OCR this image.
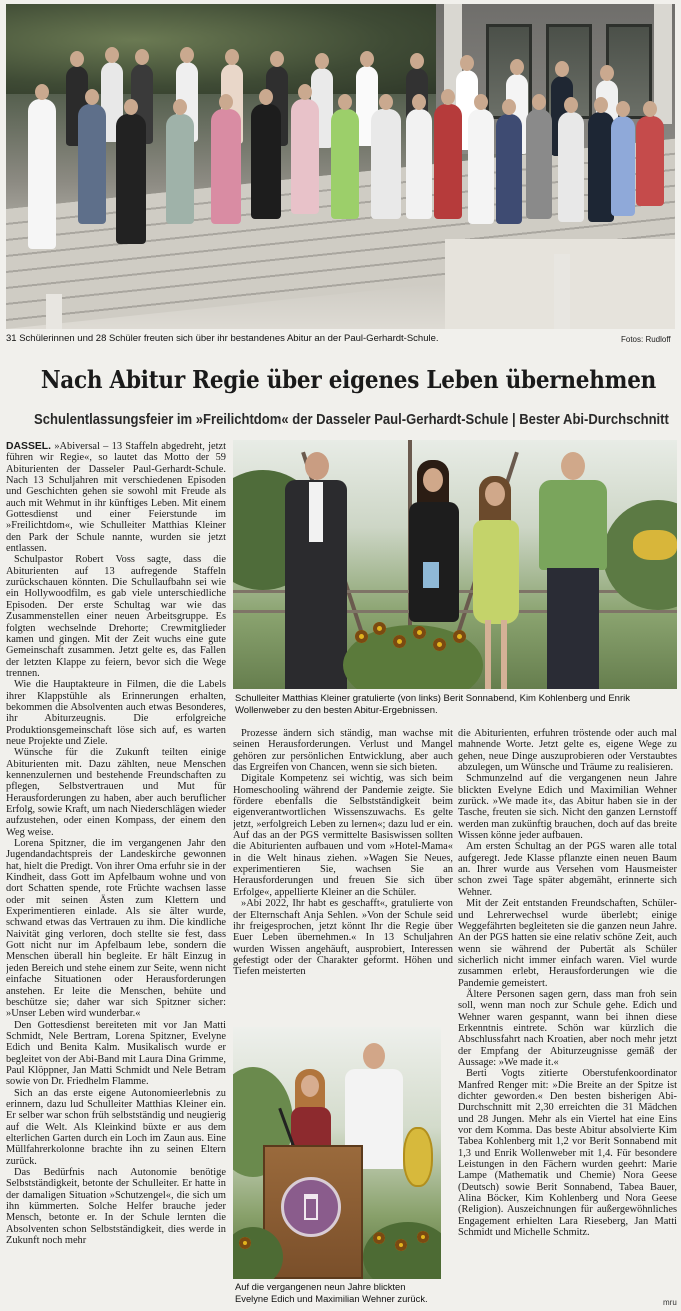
31 Schülerinnen und 28 Schüler freuten sich über ihr bestandenes Abitur an der Paul-Gerhardt-Schule.	Fotos: Rudloff
Nach Abitur Regie über eigenes Leben übernehmen
Schulentlassungsfeier im »Freilichtdom« der Dasseler Paul-Gerhardt-Schule | Bester Abi-Durchschnitt

DASSEL. »Abiversal – 13 Staffeln abgedreht, jetzt führen wir Regie«, so lautet das Motto der 59 Abiturienten der Dasseler Paul-Gerhardt-Schule. Nach 13 Schuljahren mit verschiedenen Episoden und Geschichten gehen sie sowohl mit Freude als auch mit Wehmut in ihr künftiges Leben. Mit einem Gottesdienst und einer Feierstunde im »Freilichtdom«, wie Schulleiter Matthias Kleiner den Park der Schule nannte, wurden sie jetzt entlassen.

Schulpastor Robert Voss sagte, dass die Abiturienten auf 13 aufregende Staffeln zurückschauen könnten. Die Schullaufbahn sei wie ein Hollywoodfilm, es gab viele unterschiedliche Episoden. Der erste Schultag war wie das Zusammenstellen einer neuen Arbeitsgruppe. Es folgten wechselnde Drehorte; Crewmitglieder kamen und gingen. Mit der Zeit wuchs eine gute Gemeinschaft zusammen. Jetzt gelte es, das Fallen der letzten Klappe zu feiern, bevor sich die Wege trennen.

Wie die Hauptakteure in Filmen, die die Labels ihrer Klappstühle als Erinnerungen erhalten, bekommen die Absolventen auch etwas Besonderes, ihr Abiturzeugnis. Die erfolgreiche Produktionsgemeinschaft löse sich auf, es warten neue Projekte und Ziele.

Wünsche für die Zukunft teilten einige Abiturienten mit. Dazu zählten, neue Menschen kennenzulernen und bestehende Freundschaften zu pflegen, Selbstvertrauen und Mut für Herausforderungen zu haben, aber auch beruflicher Erfolg, sowie Kraft, um nach Niederschlägen wieder aufzustehen, oder einen Kompass, der einem den Weg weise.

Lorena Spitzner, die im vergangenen Jahr den Jugendandachtspreis der Landeskirche gewonnen hat, hielt die Predigt. Von ihrer Oma erfuhr sie in der Kindheit, dass Gott im Apfelbaum wohne und von dort Schatten spende, rote Früchte wachsen lasse oder mit seinen Ästen zum Klettern und Experimentieren einlade. Als sie älter wurde, schwand etwas das Vertrauen zu ihm. Die kindliche Naivität ging verloren, doch stellte sie fest, dass Gott nicht nur im Apfelbaum lebe, sondern die Menschen überall hin begleite. Er hält Einzug in jeden Bereich und stehe einem zur Seite, wenn nicht einfache Situationen oder Herausforderungen anstehen. Er leite die Menschen, behüte und beschütze sie; daher war sich Spitzner sicher: »Unser Leben wird wunderbar.«

Den Gottesdienst bereiteten mit vor Jan Matti Schmidt, Nele Bertram, Lorena Spitzner, Evelyne Edich und Benita Kalm. Musikalisch wurde er begleitet von der Abi-Band mit Laura Dina Grimme, Paul Klöppner, Jan Matti Schmidt und Nele Betram sowie von Dr. Friedhelm Flamme.

Sich an das erste eigene Autonomieerlebnis zu erinnern, dazu lud Schulleiter Matthias Kleiner ein. Er selber war schon früh selbstständig und neugierig auf die Welt. Als Kleinkind büxte er aus dem elterlichen Garten durch ein Loch im Zaun aus. Eine Müllfahrerkolonne brachte ihn zu seinen Eltern zurück.

Das Bedürfnis nach Autonomie benötige Selbstständigkeit, betonte der Schulleiter. Er hatte in der damaligen Situation »Schutzengel«, die sich um ihn kümmerten. Solche Helfer brauche jeder Mensch, betonte er. In der Schule lernten die Absolventen schon Selbstständigkeit, dies werde in Zukunft noch mehr

Schulleiter Matthias Kleiner gratulierte (von links) Berit Sonnabend, Kim Kohlenberg und Enrik
Wollenweber zu den besten Abitur-Ergebnissen.

Prozesse ändern sich ständig, man wachse mit seinen Herausforderungen. Verlust und Mangel gehören zur persönlichen Entwicklung, aber auch das Ergreifen von Chancen, wenn sie sich bieten.

Digitale Kompetenz sei wichtig, was sich beim Homeschooling während der Pandemie zeigte. Sie fördere ebenfalls die Selbstständigkeit beim eigenverantwortlichen Wissenszuwachs. Es gelte jetzt, »erfolgreich Leben zu lernen«; dazu lud er ein. Auf das an der PGS vermittelte Basiswissen sollten die Abiturienten aufbauen und vom »Hotel-Mama« in die Welt hinaus ziehen. »Wagen Sie Neues, experimentieren Sie, wachsen Sie an Herausforderungen und freuen Sie sich über Erfolge«, appellierte Kleiner an die Schüler.

»Abi 2022, Ihr habt es geschafft«, gratulierte von der Elternschaft Anja Sehlen. »Von der Schule seid ihr freigesprochen, jetzt könnt Ihr die Regie über Euer Leben übernehmen.« In 13 Schuljahren wurden Wissen angehäuft, ausprobiert, Interessen gefestigt oder der Charakter geformt. Höhen und Tiefen meisterten

Auf die vergangenen neun Jahre blickten
Evelyne Edich und Maximilian Wehner zurück.

die Abiturienten, erfuhren tröstende oder auch mal mahnende Worte. Jetzt gelte es, eigene Wege zu gehen, neue Dinge auszuprobieren oder Verstaubtes abzulegen, um Wünsche und Träume zu realisieren.

Schmunzelnd auf die vergangenen neun Jahre blickten Evelyne Edich und Maximilian Wehner zurück. »We made it«, das Abitur haben sie in der Tasche, freuten sie sich. Nicht den ganzen Lernstoff werden man zukünftig brauchen, doch auf das breite Wissen könne jeder aufbauen.

Am ersten Schultag an der PGS waren alle total aufgeregt. Jede Klasse pflanzte einen neuen Baum an. Ihrer wurde aus Versehen vom Hausmeister schon zwei Tage später abgemäht, erinnerte sich Wehner.

Mit der Zeit entstanden Freundschaften, Schüler- und Lehrerwechsel wurde überlebt; einige Weggefährten begleiteten sie die ganzen neun Jahre. An der PGS hatten sie eine relativ schöne Zeit, auch wenn sie während der Pubertät als Schüler sicherlich nicht immer einfach waren. Viel wurde zusammen erlebt, Herausforderungen wie die Pandemie gemeistert.

Ältere Personen sagen gern, dass man froh sein soll, wenn man noch zur Schule gehe. Edich und Wehner waren gespannt, wann bei ihnen diese Erkenntnis eintrete. Schön war kürzlich die Abschlussfahrt nach Kroatien, aber noch mehr jetzt der Empfang der Abiturzeugnisse gemäß der Aussage: »We made it.«

Berti Vogts zitierte Oberstufenkoordinator Manfred Renger mit: »Die Breite an der Spitze ist dichter geworden.« Den besten bisherigen Abi-Durchschnitt mit 2,30 erreichten die 31 Mädchen und 28 Jungen. Mehr als ein Viertel hat eine Eins vor dem Komma. Das beste Abitur absolvierte Kim Tabea Kohlenberg mit 1,2 vor Berit Sonnabend mit 1,3 und Enrik Wollenweber mit 1,4. Für besondere Leistungen in den Fächern wurden geehrt: Marie Lampe (Mathematik und Chemie) Nora Geese (Deutsch) sowie Berit Sonnabend, Tabea Bauer, Alina Böcker, Kim Kohlenberg und Nora Geese (Religion). Auszeichnungen für außergewöhnliches Engagement erhielten Lara Rieseberg, Jan Matti Schmidt und Michelle Schmitz.

mru
